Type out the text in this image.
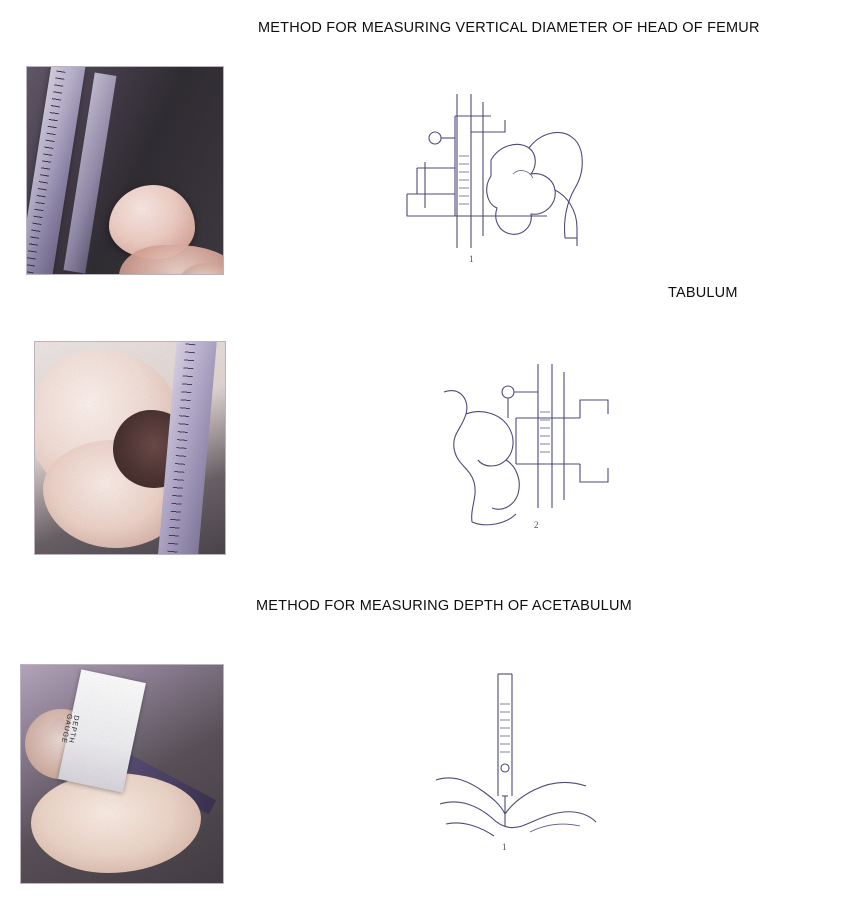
METHOD FOR MEASURING VERTICAL DIAMETER OF HEAD OF FEMUR
1
TABULUM
2
METHOD FOR MEASURING DEPTH OF ACETABULUM
DEPTH GAUGE
1
